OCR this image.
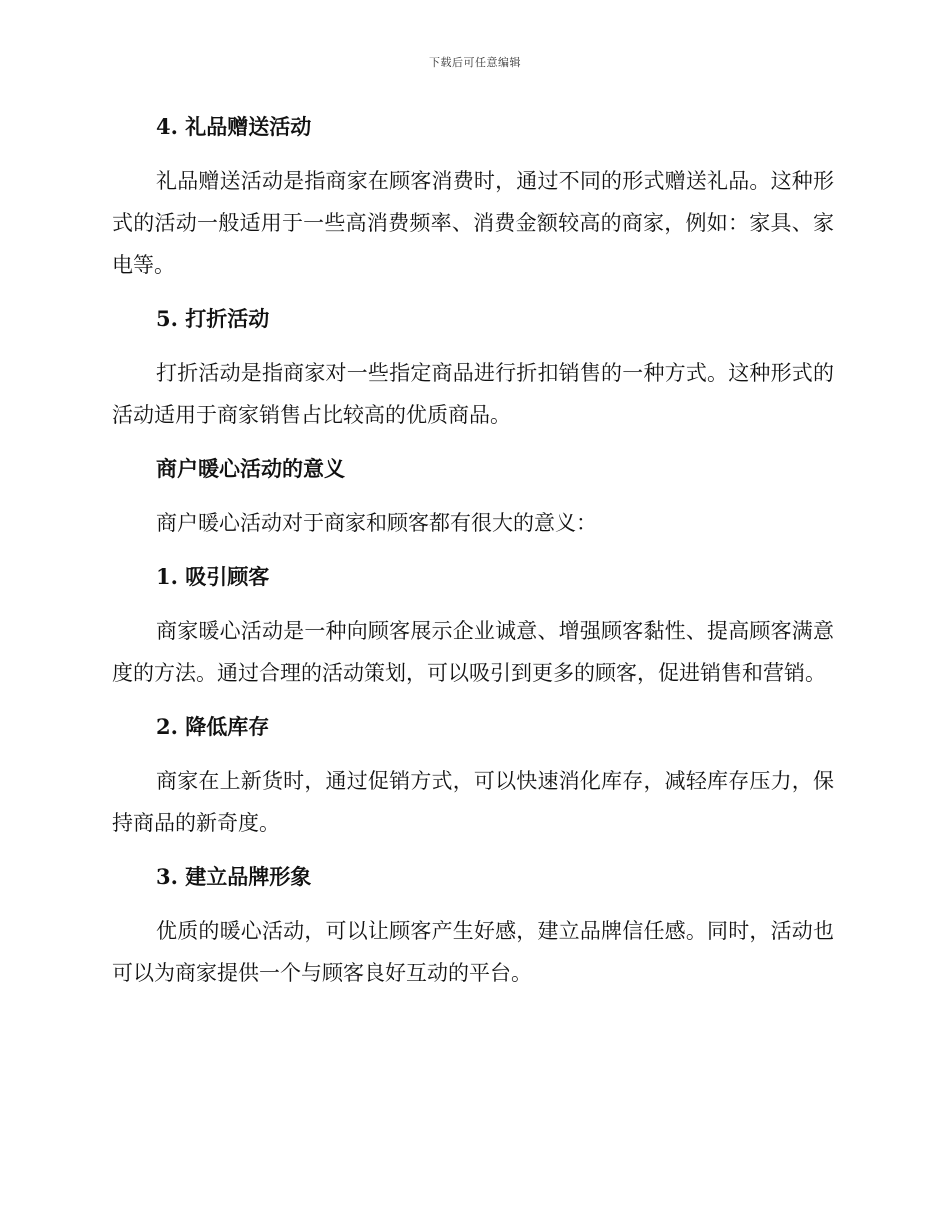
下载后可任意编辑

4. 礼品赠送活动

礼品赠送活动是指商家在顾客消费时，通过不同的形式赠送礼品。这种形式的活动一般适用于一些高消费频率、消费金额较高的商家，例如：家具、家电等。

5. 打折活动

打折活动是指商家对一些指定商品进行折扣销售的一种方式。这种形式的活动适用于商家销售占比较高的优质商品。

商户暖心活动的意义

商户暖心活动对于商家和顾客都有很大的意义：

1. 吸引顾客

商家暖心活动是一种向顾客展示企业诚意、增强顾客黏性、提高顾客满意度的方法。通过合理的活动策划，可以吸引到更多的顾客，促进销售和营销。

2. 降低库存

商家在上新货时，通过促销方式，可以快速消化库存，减轻库存压力，保持商品的新奇度。

3. 建立品牌形象

优质的暖心活动，可以让顾客产生好感，建立品牌信任感。同时，活动也可以为商家提供一个与顾客良好互动的平台。
